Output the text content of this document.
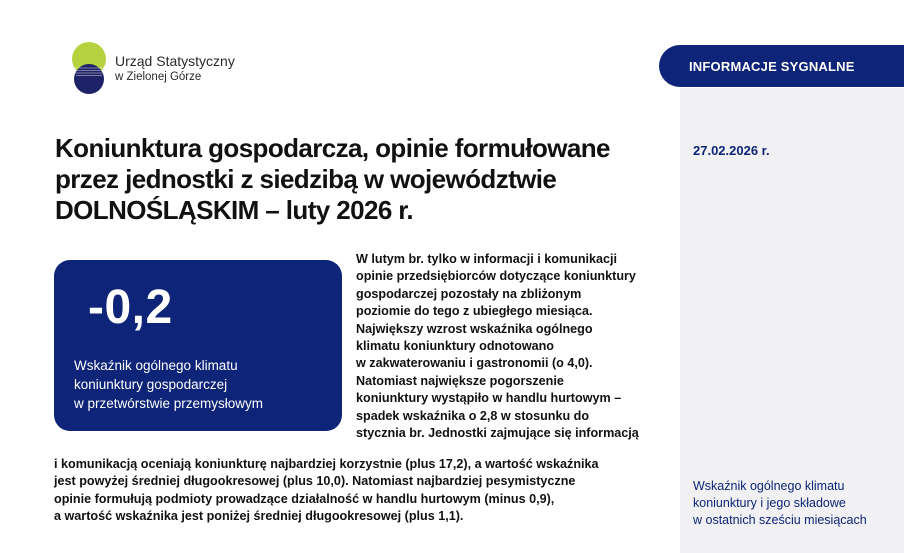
INFORMACJE SYGNALNE
27.02.2026 r.
Wskaźnik ogólnego klimatu
koniunktury i jego składowe
w ostatnich sześciu miesiącach
Urząd Statystyczny
w Zielonej Górze
Koniunktura gospodarcza, opinie formułowane
przez jednostki z siedzibą w województwie
DOLNOŚLĄSKIM – luty 2026 r.
-0,2
Wskaźnik ogólnego klimatu
koniunktury gospodarczej
w przetwórstwie przemysłowym
W lutym br. tylko w informacji i komunikacji
opinie przedsiębiorców dotyczące koniunktury
gospodarczej pozostały na zbliżonym
poziomie do tego z ubiegłego miesiąca.
Największy wzrost wskaźnika ogólnego
klimatu koniunktury odnotowano
w zakwaterowaniu i gastronomii (o 4,0).
Natomiast największe pogorszenie
koniunktury wystąpiło w handlu hurtowym –
spadek wskaźnika o 2,8 w stosunku do
stycznia br. Jednostki zajmujące się informacją
i komunikacją oceniają koniunkturę najbardziej korzystnie (plus 17,2), a wartość wskaźnika
jest powyżej średniej długookresowej (plus 10,0). Natomiast najbardziej pesymistyczne
opinie formułują podmioty prowadzące działalność w handlu hurtowym (minus 0,9),
a wartość wskaźnika jest poniżej średniej długookresowej (plus 1,1).
